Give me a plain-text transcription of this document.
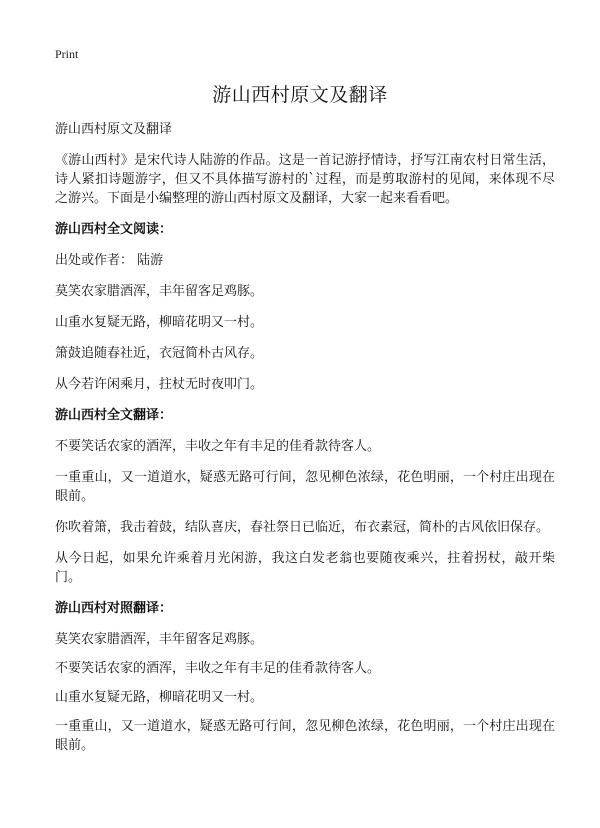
Print
游山西村原文及翻译

游山西村原文及翻译

《游山西村》是宋代诗人陆游的作品。这是一首记游抒情诗，抒写江南农村日常生活，诗人紧扣诗题游字，但又不具体描写游村的`过程，而是剪取游村的见闻，来体现不尽之游兴。下面是小编整理的游山西村原文及翻译，大家一起来看看吧。

游山西村全文阅读：

出处或作者： 陆游

莫笑农家腊酒浑，丰年留客足鸡豚。

山重水复疑无路，柳暗花明又一村。

箫鼓追随春社近，衣冠简朴古风存。

从今若许闲乘月，拄杖无时夜叩门。

游山西村全文翻译：

不要笑话农家的酒浑，丰收之年有丰足的佳肴款待客人。

一重重山，又一道道水，疑惑无路可行间，忽见柳色浓绿，花色明丽，一个村庄出现在眼前。

你吹着箫，我击着鼓，结队喜庆，春社祭日已临近，布衣素冠，简朴的古风依旧保存。

从今日起，如果允许乘着月光闲游，我这白发老翁也要随夜乘兴，拄着拐杖，敲开柴门。

游山西村对照翻译：

莫笑农家腊酒浑，丰年留客足鸡豚。

不要笑话农家的酒浑，丰收之年有丰足的佳肴款待客人。

山重水复疑无路，柳暗花明又一村。

一重重山，又一道道水，疑惑无路可行间，忽见柳色浓绿，花色明丽，一个村庄出现在眼前。
